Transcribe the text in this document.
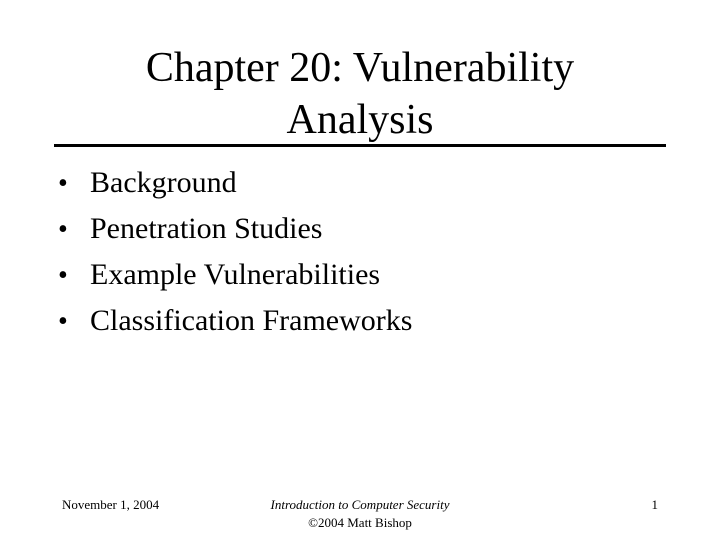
Chapter 20: Vulnerability
Analysis
• Background
• Penetration Studies
• Example Vulnerabilities
• Classification Frameworks
November 1, 2004	Introduction to Computer Security
©2004 Matt Bishop
1
